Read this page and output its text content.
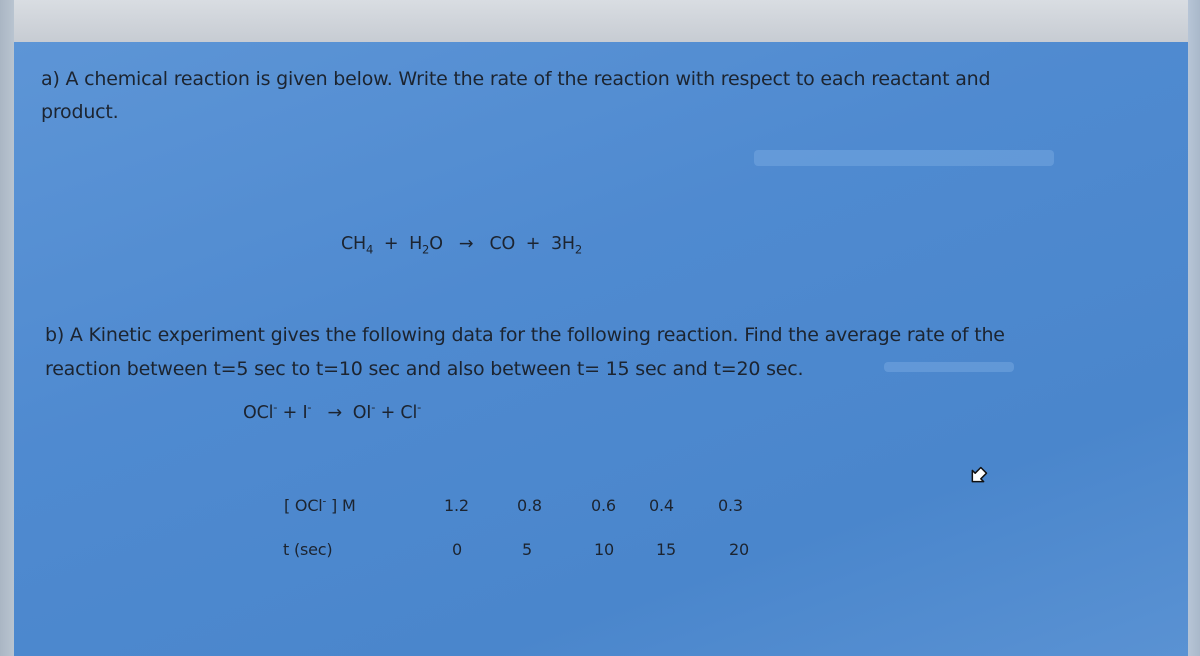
a) A chemical reaction is given below. Write the rate of the reaction with respect to each reactant and
product.
$CH_4 + H_2O$ → CO + $3H_2$
b) A Kinetic experiment gives the following data for the following reaction. Find the average rate of the
reaction between t=5 sec to t=10 sec and also between t= 15 sec and t=20 sec.
OCl- + I- → OI- + Cl-
[ OCl- ] M	1.2	0.8	0.6 0.4	0.3
t (sec)	0	5	10	15	20
